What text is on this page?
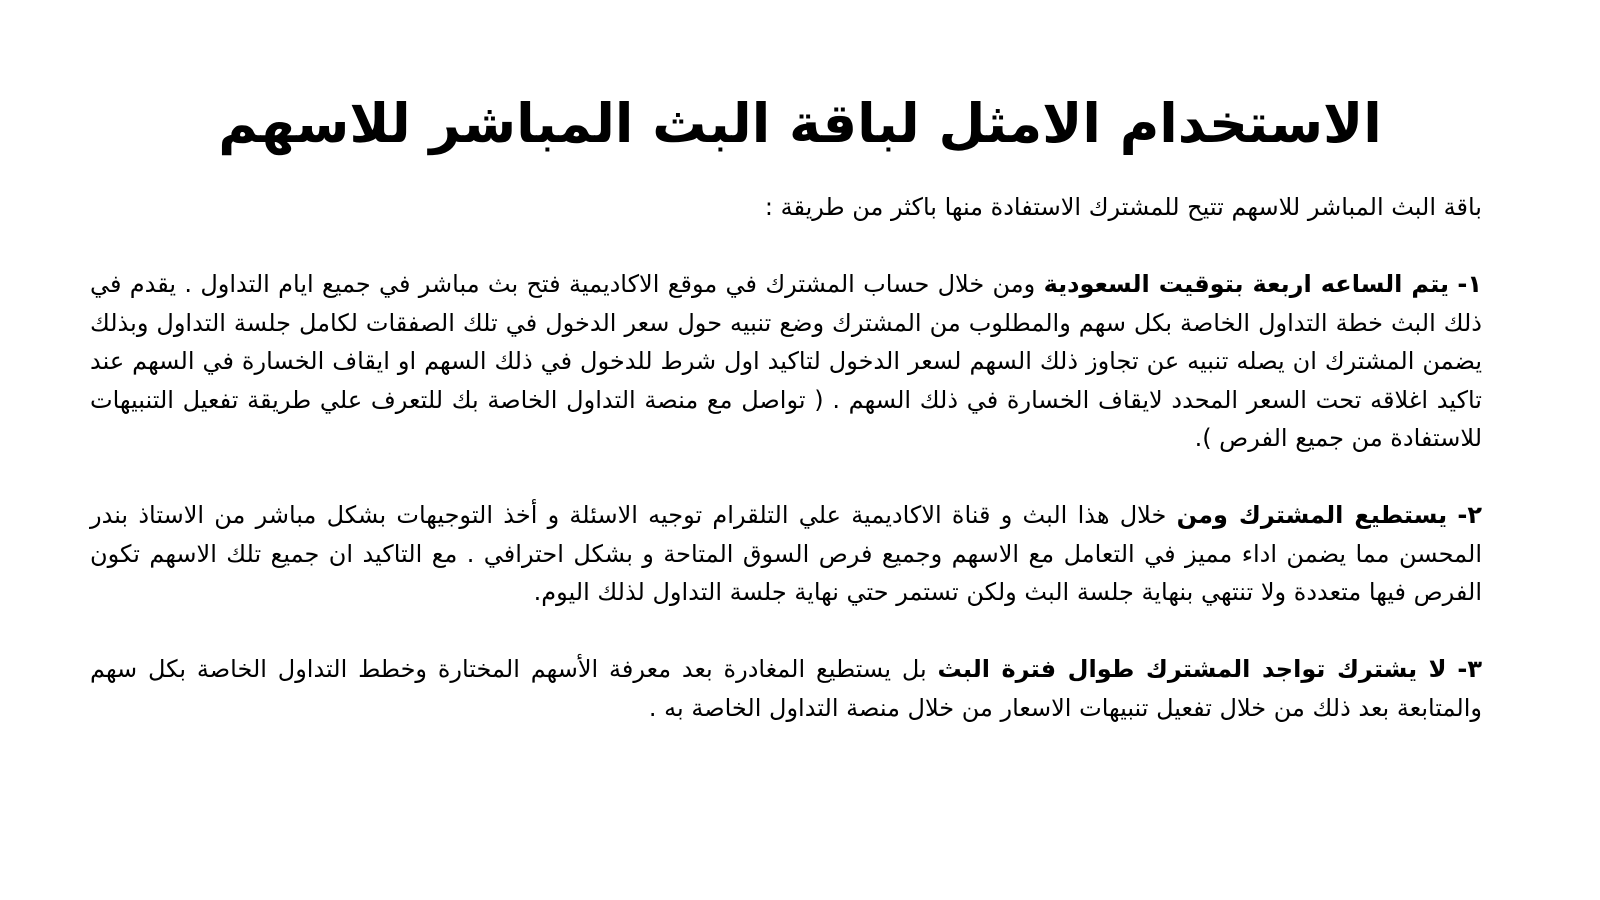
الاستخدام الامثل لباقة البث المباشر للاسهم

باقة البث المباشر للاسهم تتيح للمشترك الاستفادة منها باكثر من طريقة :

١- يتم الساعه اربعة بتوقيت السعودية ومن خلال حساب المشترك في موقع الاكاديمية فتح بث مباشر في جميع ايام التداول . يقدم في ذلك البث خطة التداول الخاصة بكل سهم والمطلوب من المشترك وضع تنبيه حول سعر الدخول في تلك الصفقات لكامل جلسة التداول وبذلك يضمن المشترك ان يصله تنبيه عن تجاوز ذلك السهم لسعر الدخول لتاكيد اول شرط للدخول في ذلك السهم او ايقاف الخسارة في السهم عند تاكيد اغلاقه تحت السعر المحدد لايقاف الخسارة في ذلك السهم . ( تواصل مع منصة التداول الخاصة بك للتعرف علي طريقة تفعيل التنبيهات للاستفادة من جميع الفرص ).

٢- يستطيع المشترك ومن خلال هذا البث و قناة الاكاديمية علي التلقرام توجيه الاسئلة و أخذ التوجيهات بشكل مباشر من الاستاذ بندر المحسن مما يضمن اداء مميز في التعامل مع الاسهم وجميع فرص السوق المتاحة و بشكل احترافي . مع التاكيد ان جميع تلك الاسهم تكون الفرص فيها متعددة ولا تنتهي بنهاية جلسة البث ولكن تستمر حتي نهاية جلسة التداول لذلك اليوم.

٣- لا يشترك تواجد المشترك طوال فترة البث بل يستطيع المغادرة بعد معرفة الأسهم المختارة وخطط التداول الخاصة بكل سهم والمتابعة بعد ذلك من خلال تفعيل تنبيهات الاسعار من خلال منصة التداول الخاصة به .
